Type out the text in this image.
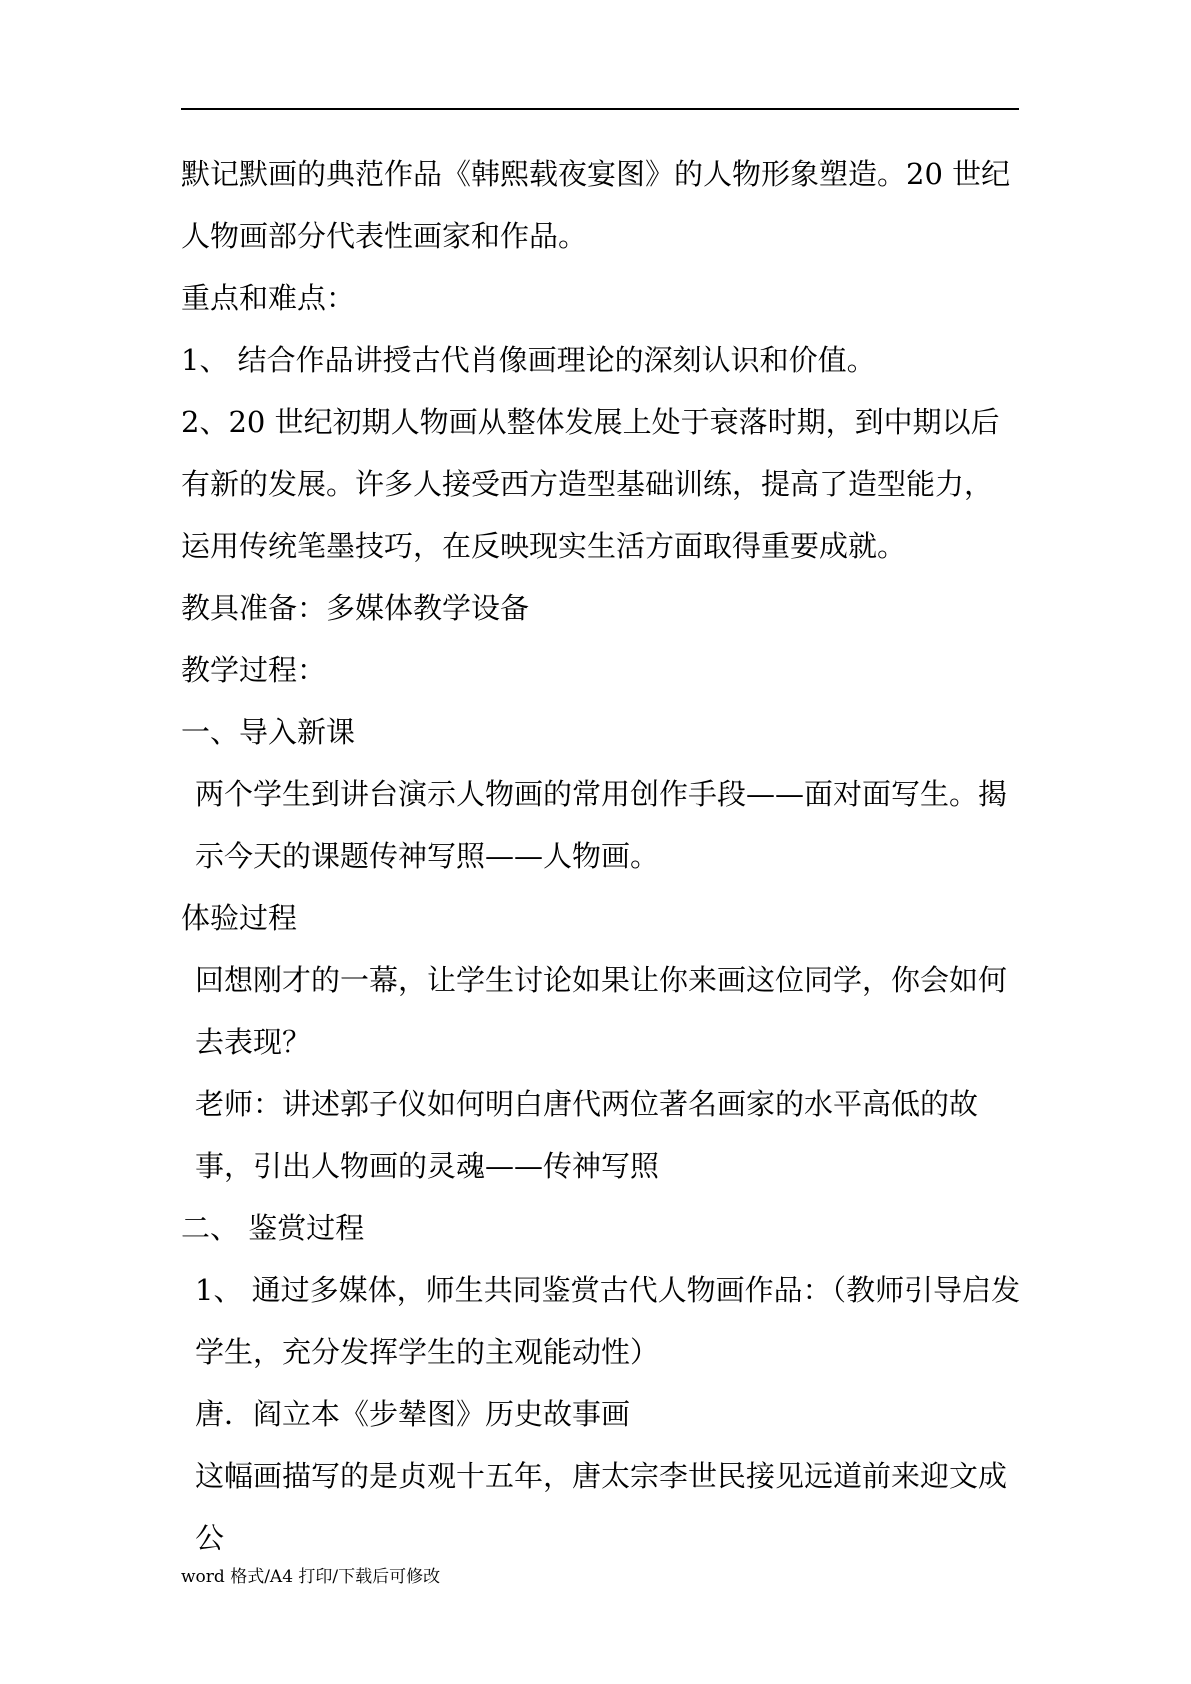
默记默画的典范作品《韩熙载夜宴图》的人物形象塑造。20 世纪人物画部分代表性画家和作品。

重点和难点：

1、 结合作品讲授古代肖像画理论的深刻认识和价值。

2、20 世纪初期人物画从整体发展上处于衰落时期，到中期以后有新的发展。许多人接受西方造型基础训练，提高了造型能力，运用传统笔墨技巧，在反映现实生活方面取得重要成就。

教具准备：多媒体教学设备

教学过程：

一、导入新课

两个学生到讲台演示人物画的常用创作手段——面对面写生。揭示今天的课题传神写照——人物画。

体验过程

回想刚才的一幕，让学生讨论如果让你来画这位同学，你会如何去表现？

老师：讲述郭子仪如何明白唐代两位著名画家的水平高低的故事，引出人物画的灵魂——传神写照

二、 鉴赏过程

1、 通过多媒体，师生共同鉴赏古代人物画作品：（教师引导启发学生，充分发挥学生的主观能动性）

唐．阎立本《步辇图》历史故事画

这幅画描写的是贞观十五年，唐太宗李世民接见远道前来迎文成公

word 格式/A4 打印/下载后可修改
